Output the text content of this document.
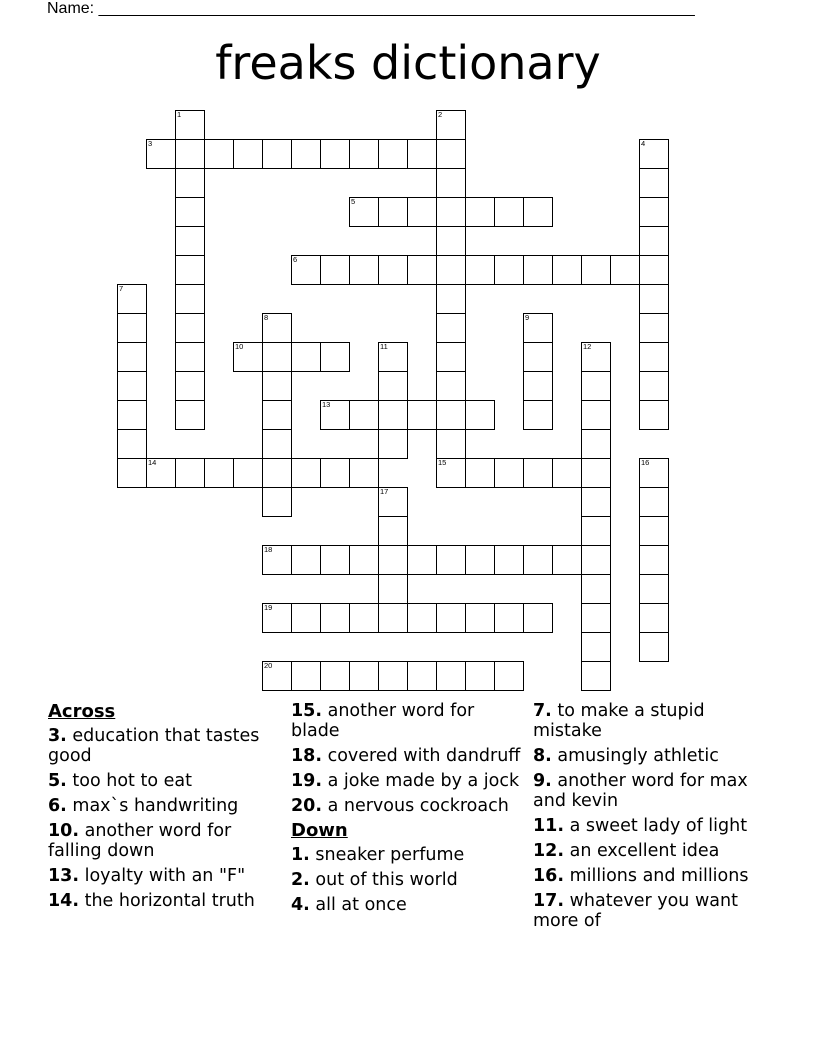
Name: ___________________________________________________________________
freaks dictionary
1	2
3	4
5
6
7
8	9
10	11	12
13
14	15	16
17
18
19
20
Across
3. education that tastes good
5. too hot to eat
6. max`s handwriting
10. another word for falling down
13. loyalty with an "F"
14. the horizontal truth
15. another word for blade
18. covered with dandruff
19. a joke made by a jock
20. a nervous cockroach
Down
1. sneaker perfume
2. out of this world
4. all at once
7. to make a stupid mistake
8. amusingly athletic
9. another word for max and kevin
11. a sweet lady of light
12. an excellent idea
16. millions and millions
17. whatever you want more of
